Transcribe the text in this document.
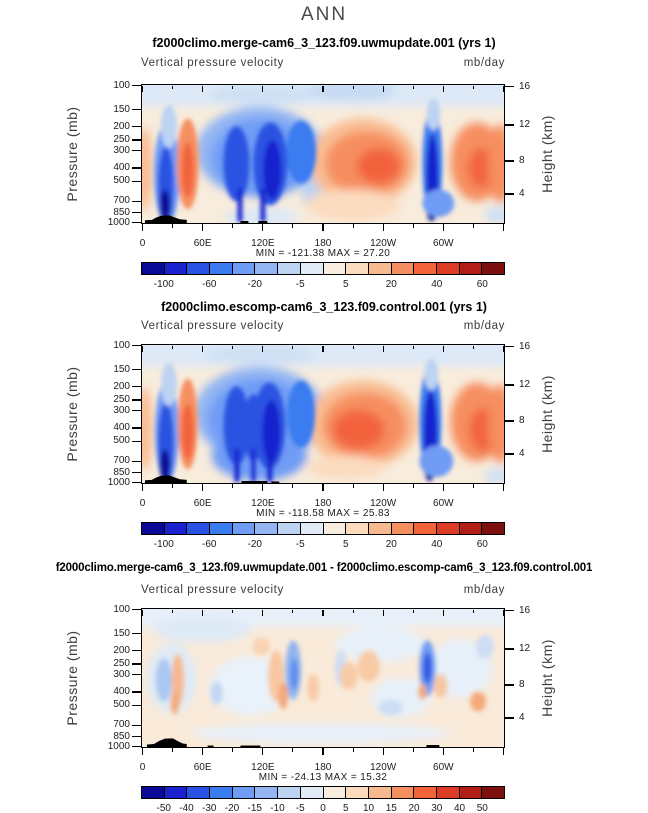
ANN
f2000climo.merge-cam6_3_123.f09.uwmupdate.001 (yrs 1)
Vertical pressure velocity	mb/day
Pressure (mb)	Height (km)
MIN = -121.38 MAX = 27.20
100
150
200
250
300
400
500
700
850
1000
16
12
8
4
0	60E	120E	180	120W	60W
-100	-60	-20	-5	5	20	40	60
f2000climo.escomp-cam6_3_123.f09.control.001 (yrs 1)
Vertical pressure velocity	mb/day
Pressure (mb)	Height (km)
MIN = -118.58 MAX = 25.83
100
150
200
250
300
400
500
700
850
1000
16
12
8
4
0	60E	120E	180	120W	60W
-100	-60	-20	-5	5	20	40	60
f2000climo.merge-cam6_3_123.f09.uwmupdate.001 - f2000climo.escomp-cam6_3_123.f09.control.001
Vertical pressure velocity	mb/day
Pressure (mb)	Height (km)
MIN = -24.13 MAX = 15.32
100
150
200
250
300
400
500
700
850
1000
16
12
8
4
0	60E	120E	180	120W	60W
-50 -40 -30 -20 -15 -10	-5	0	5	10	15	20	30	40	50
